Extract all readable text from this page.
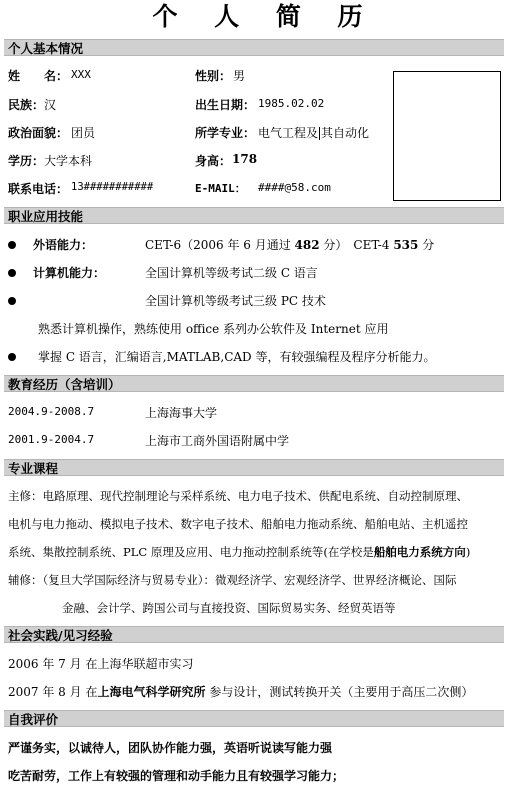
个 人 简 历
个人基本情况
姓　　名： XXX	性别： 男
民族： 汉	出生日期： 1985.02.02
政治面貌： 团员	所学专业： 电气工程及 其自动化
学历： 大学本科	身高： 178
联系电话： 13###########	E-MAIL： ####@58.com
职业应用技能
外语能力：	CET-6（2006 年 6 月通过 482 分）　CET-4 535 分
计算机能力：	全国计算机等级考试二级 C 语言
全国计算机等级考试三级 PC 技术
熟悉计算机操作，熟练使用 office 系列办公软件及 Internet 应用
掌握 C 语言，汇编语言,MATLAB,CAD 等，有较强编程及程序分析能力。
教育经历（含培训）
2004.9-2008.7	上海海事大学
2001.9-2004.7	上海市工商外国语附属中学
专业课程
主修：电路原理、现代控制理论与采样系统、电力电子技术、供配电系统、自动控制原理、
电机与电力拖动、模拟电子技术、数字电子技术、船舶电力拖动系统、船舶电站、主机遥控
系统、集散控制系统、PLC 原理及应用、电力拖动控制系统等(在学校是船舶电力系统方向)
辅修：（复旦大学国际经济与贸易专业）：微观经济学、宏观经济学、世界经济概论、国际
金融、会计学、跨国公司与直接投资、国际贸易实务、经贸英语等
社会实践/见习经验
2006 年 7 月 在上海华联超市实习
2007 年 8 月 在上海电气科学研究所 参与设计，测试转换开关（主要用于高压二次侧）
自我评价
严谨务实，以诚待人，团队协作能力强，英语听说读写能力强
吃苦耐劳，工作上有较强的管理和动手能力且有较强学习能力；
